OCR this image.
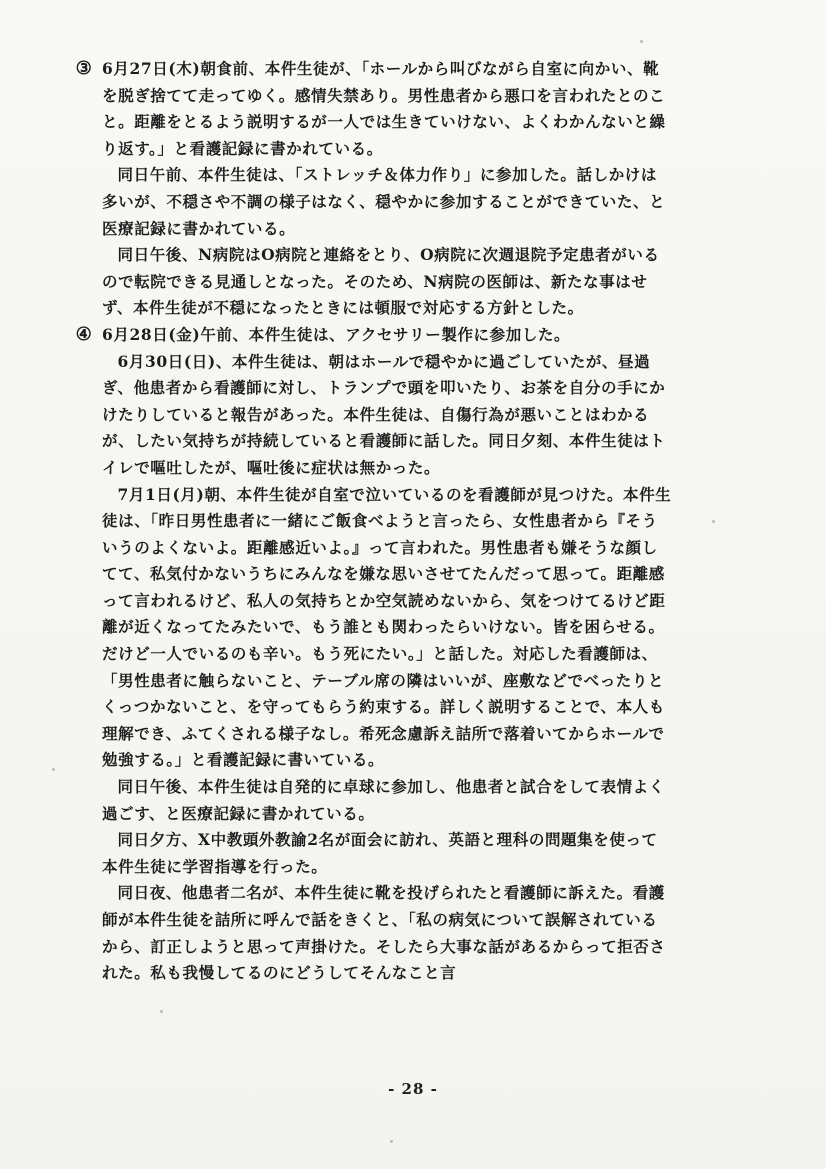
③ 6月27日(木)朝食前、本件生徒が、「ホールから叫びながら自室に向かい、靴を脱ぎ捨てて走ってゆく。感情失禁あり。男性患者から悪口を言われたとのこと。距離をとるよう説明するが一人では生きていけない、よくわかんないと繰り返す。」と看護記録に書かれている。

同日午前、本件生徒は、「ストレッチ＆体力作り」に参加した。話しかけは多いが、不穏さや不調の様子はなく、穏やかに参加することができていた、と医療記録に書かれている。

同日午後、N病院はO病院と連絡をとり、O病院に次週退院予定患者がいるので転院できる見通しとなった。そのため、N病院の医師は、新たな事はせず、本件生徒が不穏になったときには頓服で対応する方針とした。

④ 6月28日(金)午前、本件生徒は、アクセサリー製作に参加した。

6月30日(日)、本件生徒は、朝はホールで穏やかに過ごしていたが、昼過ぎ、他患者から看護師に対し、トランプで頭を叩いたり、お茶を自分の手にかけたりしていると報告があった。本件生徒は、自傷行為が悪いことはわかるが、したい気持ちが持続していると看護師に話した。同日夕刻、本件生徒はトイレで嘔吐したが、嘔吐後に症状は無かった。

7月1日(月)朝、本件生徒が自室で泣いているのを看護師が見つけた。本件生徒は、「昨日男性患者に一緒にご飯食べようと言ったら、女性患者から『そういうのよくないよ。距離感近いよ。』って言われた。男性患者も嫌そうな顔してて、私気付かないうちにみんなを嫌な思いさせてたんだって思って。距離感って言われるけど、私人の気持ちとか空気読めないから、気をつけてるけど距離が近くなってたみたいで、もう誰とも関わったらいけない。皆を困らせる。だけど一人でいるのも辛い。もう死にたい。」と話した。対応した看護師は、「男性患者に触らないこと、テーブル席の隣はいいが、座敷などでべったりとくっつかないこと、を守ってもらう約束する。詳しく説明することで、本人も理解でき、ふてくされる様子なし。希死念慮訴え詰所で落着いてからホールで勉強する。」と看護記録に書いている。

同日午後、本件生徒は自発的に卓球に参加し、他患者と試合をして表情よく過ごす、と医療記録に書かれている。

同日夕方、X中教頭外教諭2名が面会に訪れ、英語と理科の問題集を使って本件生徒に学習指導を行った。

同日夜、他患者二名が、本件生徒に靴を投げられたと看護師に訴えた。看護師が本件生徒を詰所に呼んで話をきくと、「私の病気について誤解されているから、訂正しようと思って声掛けた。そしたら大事な話があるからって拒否された。私も我慢してるのにどうしてそんなこと言

- 28 -
